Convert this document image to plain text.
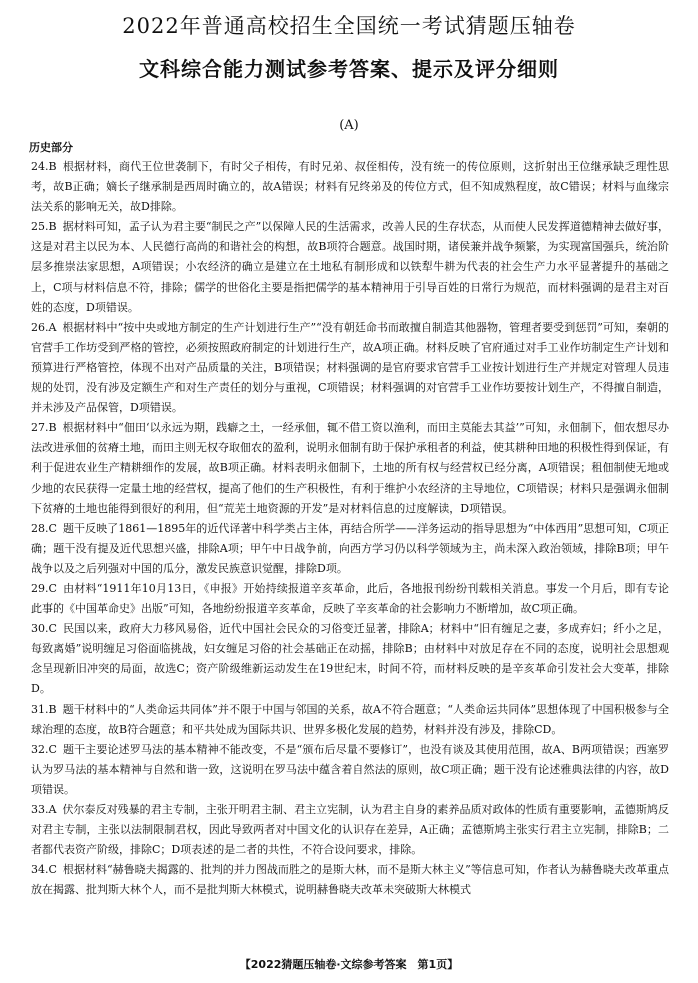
2022年普通高校招生全国统一考试猜题压轴卷
文科综合能力测试参考答案、提示及评分细则
(A)
历史部分

24.B 根据材料，商代王位世袭制下，有时父子相传，有时兄弟、叔侄相传，没有统一的传位原则，这折射出王位继承缺乏理性思考，故B正确；嫡长子继承制是西周时确立的，故A错误；材料有兄终弟及的传位方式，但不知成熟程度，故C错误；材料与血缘宗法关系的影响无关，故D排除。

25.B 据材料可知，孟子认为君主要“制民之产”以保障人民的生活需求，改善人民的生存状态，从而使人民发挥道德精神去做好事，这是对君主以民为本、人民德行高尚的和谐社会的构想，故B项符合题意。战国时期，诸侯兼并战争频繁，为实现富国强兵，统治阶层多推崇法家思想，A项错误；小农经济的确立是建立在土地私有制形成和以铁犁牛耕为代表的社会生产力水平显著提升的基础之上，C项与材料信息不符，排除；儒学的世俗化主要是指把儒学的基本精神用于引导百姓的日常行为规范，而材料强调的是君主对百姓的态度，D项错误。

26.A 根据材料中“按中央或地方制定的生产计划进行生产”“没有朝廷命书而敢擅自制造其他器物，管理者要受到惩罚”可知，秦朝的官营手工作坊受到严格的管控，必须按照政府制定的计划进行生产，故A项正确。材料反映了官府通过对手工业作坊制定生产计划和预算进行严格管控，体现不出对产品质量的关注，B项错误；材料强调的是官府要求官营手工业按计划进行生产并规定对管理人员违规的处罚，没有涉及定额生产和对生产责任的划分与重视，C项错误；材料强调的对官营手工业作坊要按计划生产，不得擅自制造，并未涉及产品保管，D项错误。

27.B 根据材料中“佃田‘以永远为期，践癖之土，一经承佃，辄不借工资以渔利，而田主莫能去其益’”可知，永佃制下，佃农想尽办法改进承佃的贫瘠土地，而田主则无权夺取佃农的盈利，说明永佃制有助于保护承租者的利益，使其耕种田地的积极性得到保证，有利于促进农业生产精耕细作的发展，故B项正确。材料表明永佃制下，土地的所有权与经营权已经分离，A项错误；租佃制使无地或少地的农民获得一定量土地的经营权，提高了他们的生产积极性，有利于维护小农经济的主导地位，C项错误；材料只是强调永佃制下贫瘠的土地也能得到很好的利用，但“荒芜土地资源的开发”是对材料信息的过度解读，D项错误。

28.C 题干反映了1861—1895年的近代译著中科学类占主体，再结合所学——洋务运动的指导思想为“中体西用”思想可知，C项正确；题干没有提及近代思想兴盛，排除A项；甲午中日战争前，向西方学习仍以科学领域为主，尚未深入政治领域，排除B项；甲午战争以及之后列强对中国的瓜分，激发民族意识觉醒，排除D项。

29.C 由材料“1911年10月13日，《申报》开始持续报道辛亥革命，此后，各地报刊纷纷刊载相关消息。事发一个月后，即有专论此事的《中国革命史》出版”可知，各地纷纷报道辛亥革命，反映了辛亥革命的社会影响力不断增加，故C项正确。

30.C 民国以来，政府大力移风易俗，近代中国社会民众的习俗变迁显著，排除A；材料中“旧有缠足之妻，多成弃妇；纤小之足，每致离婚”说明缠足习俗面临挑战，妇女缠足习俗的社会基础正在动摇，排除B；由材料中对放足存在不同的态度，说明社会思想观念呈现新旧冲突的局面，故选C；资产阶级维新运动发生在19世纪末，时间不符，而材料反映的是辛亥革命引发社会大变革，排除D。

31.B 题干材料中的“人类命运共同体”并不限于中国与邻国的关系，故A不符合题意；“人类命运共同体”思想体现了中国积极参与全球治理的态度，故B符合题意；和平共处成为国际共识、世界多极化发展的趋势，材料并没有涉及，排除CD。

32.C 题干主要论述罗马法的基本精神不能改变，不是“颁布后尽量不要修订”，也没有谈及其使用范围，故A、B两项错误；西塞罗认为罗马法的基本精神与自然和谐一致，这说明在罗马法中蕴含着自然法的原则，故C项正确；题干没有论述雅典法律的内容，故D项错误。

33.A 伏尔泰反对残暴的君主专制，主张开明君主制、君主立宪制，认为君主自身的素养品质对政体的性质有重要影响，孟德斯鸠反对君主专制，主张以法制限制君权，因此导致两者对中国文化的认识存在差异，A正确；孟德斯鸠主张实行君主立宪制，排除B；二者都代表资产阶级，排除C；D项表述的是二者的共性，不符合设问要求，排除。

34.C 根据材料“赫鲁晓夫揭露的、批判的并力图战而胜之的是斯大林，而不是斯大林主义”等信息可知，作者认为赫鲁晓夫改革重点放在揭露、批判斯大林个人，而不是批判斯大林模式，说明赫鲁晓夫改革未突破斯大林模式

【2022猜题压轴卷·文综参考答案　第1页】
